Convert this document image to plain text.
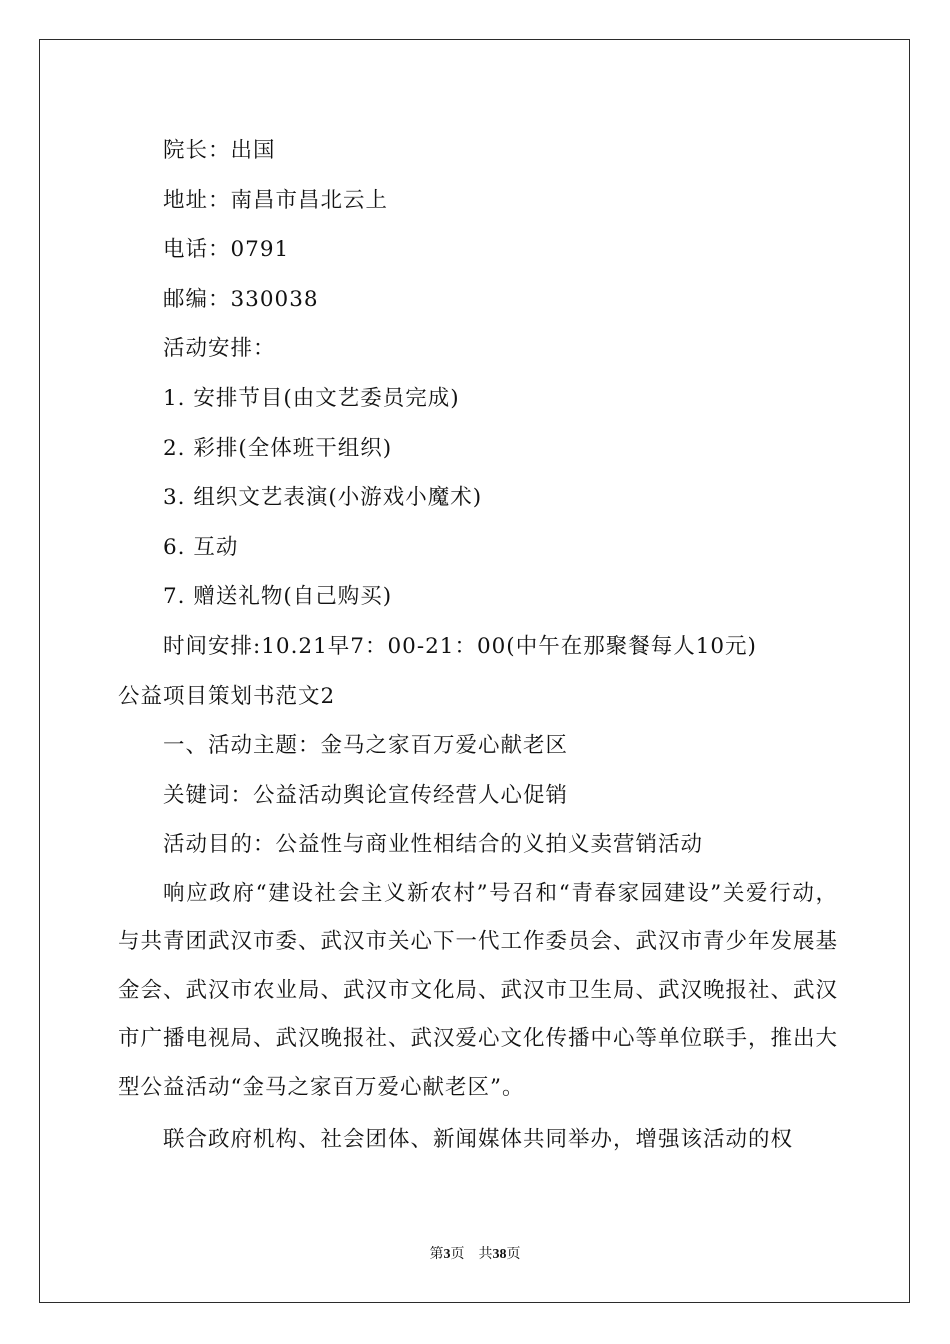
院长：出国
地址：南昌市昌北云上
电话：0791
邮编：330038
活动安排：
1. 安排节目(由文艺委员完成)
2. 彩排(全体班干组织)
3. 组织文艺表演(小游戏小魔术)
6. 互动
7. 赠送礼物(自己购买)
时间安排:10.21早7：00-21：00(中午在那聚餐每人10元)
公益项目策划书范文2
一、活动主题：金马之家百万爱心献老区
关键词：公益活动舆论宣传经营人心促销
活动目的：公益性与商业性相结合的义拍义卖营销活动
响应政府“建设社会主义新农村”号召和“青春家园建设”关爱行动，与共青团武汉市委、武汉市关心下一代工作委员会、武汉市青少年发展基金会、武汉市农业局、武汉市文化局、武汉市卫生局、武汉晚报社、武汉市广播电视局、武汉晚报社、武汉爱心文化传播中心等单位联手，推出大型公益活动“金马之家百万爱心献老区”。
联合政府机构、社会团体、新闻媒体共同举办，增强该活动的权
第3页 共38页
